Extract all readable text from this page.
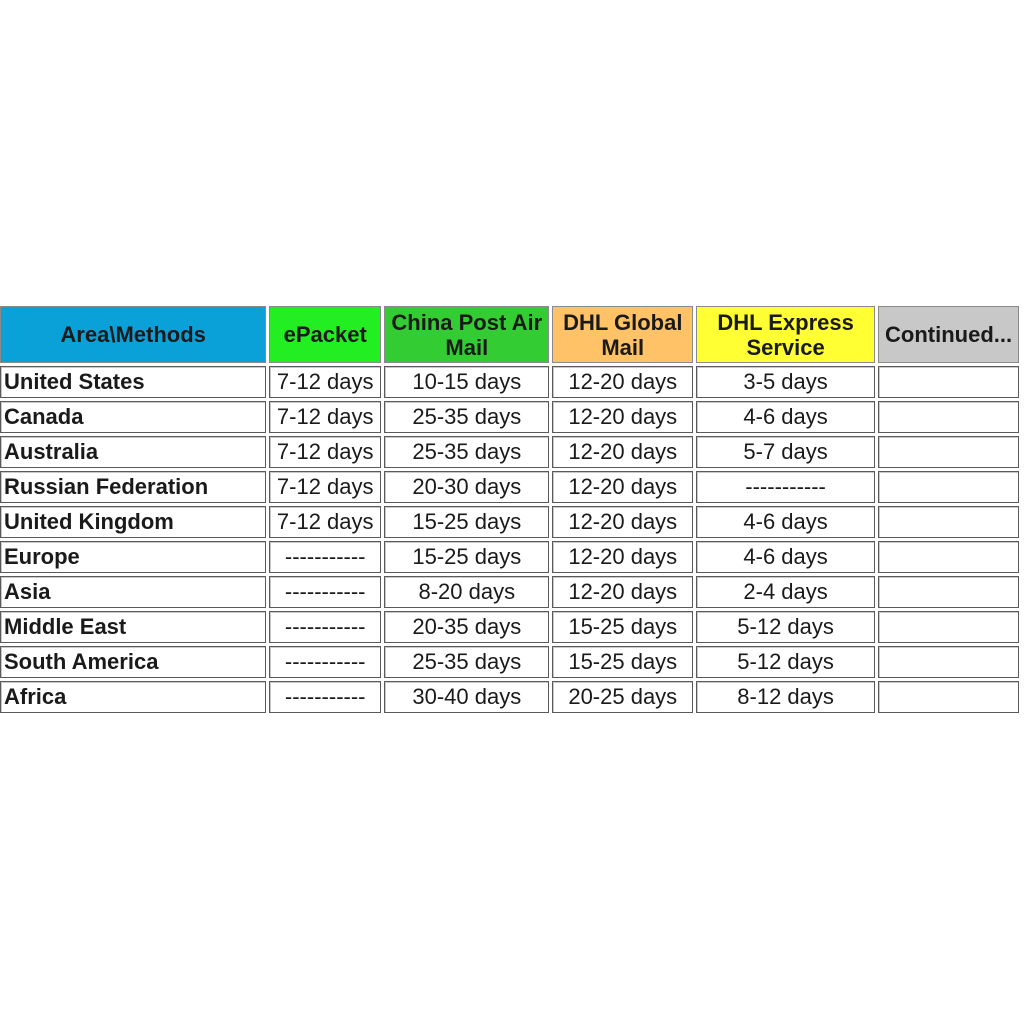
Area\Methods	ePacket	China Post Air Mail	DHL Global Mail	DHL Express Service	Continued...
United States	7-12 days	10-15 days	12-20 days	3-5 days	
Canada	7-12 days	25-35 days	12-20 days	4-6 days	
Australia	7-12 days	25-35 days	12-20 days	5-7 days	
Russian Federation	7-12 days	20-30 days	12-20 days	-----------	
United Kingdom	7-12 days	15-25 days	12-20 days	4-6 days	
Europe	-----------	15-25 days	12-20 days	4-6 days	
Asia	-----------	8-20 days	12-20 days	2-4 days	
Middle East	-----------	20-35 days	15-25 days	5-12 days	
South America	-----------	25-35 days	15-25 days	5-12 days	
Africa	-----------	30-40 days	20-25 days	8-12 days	
